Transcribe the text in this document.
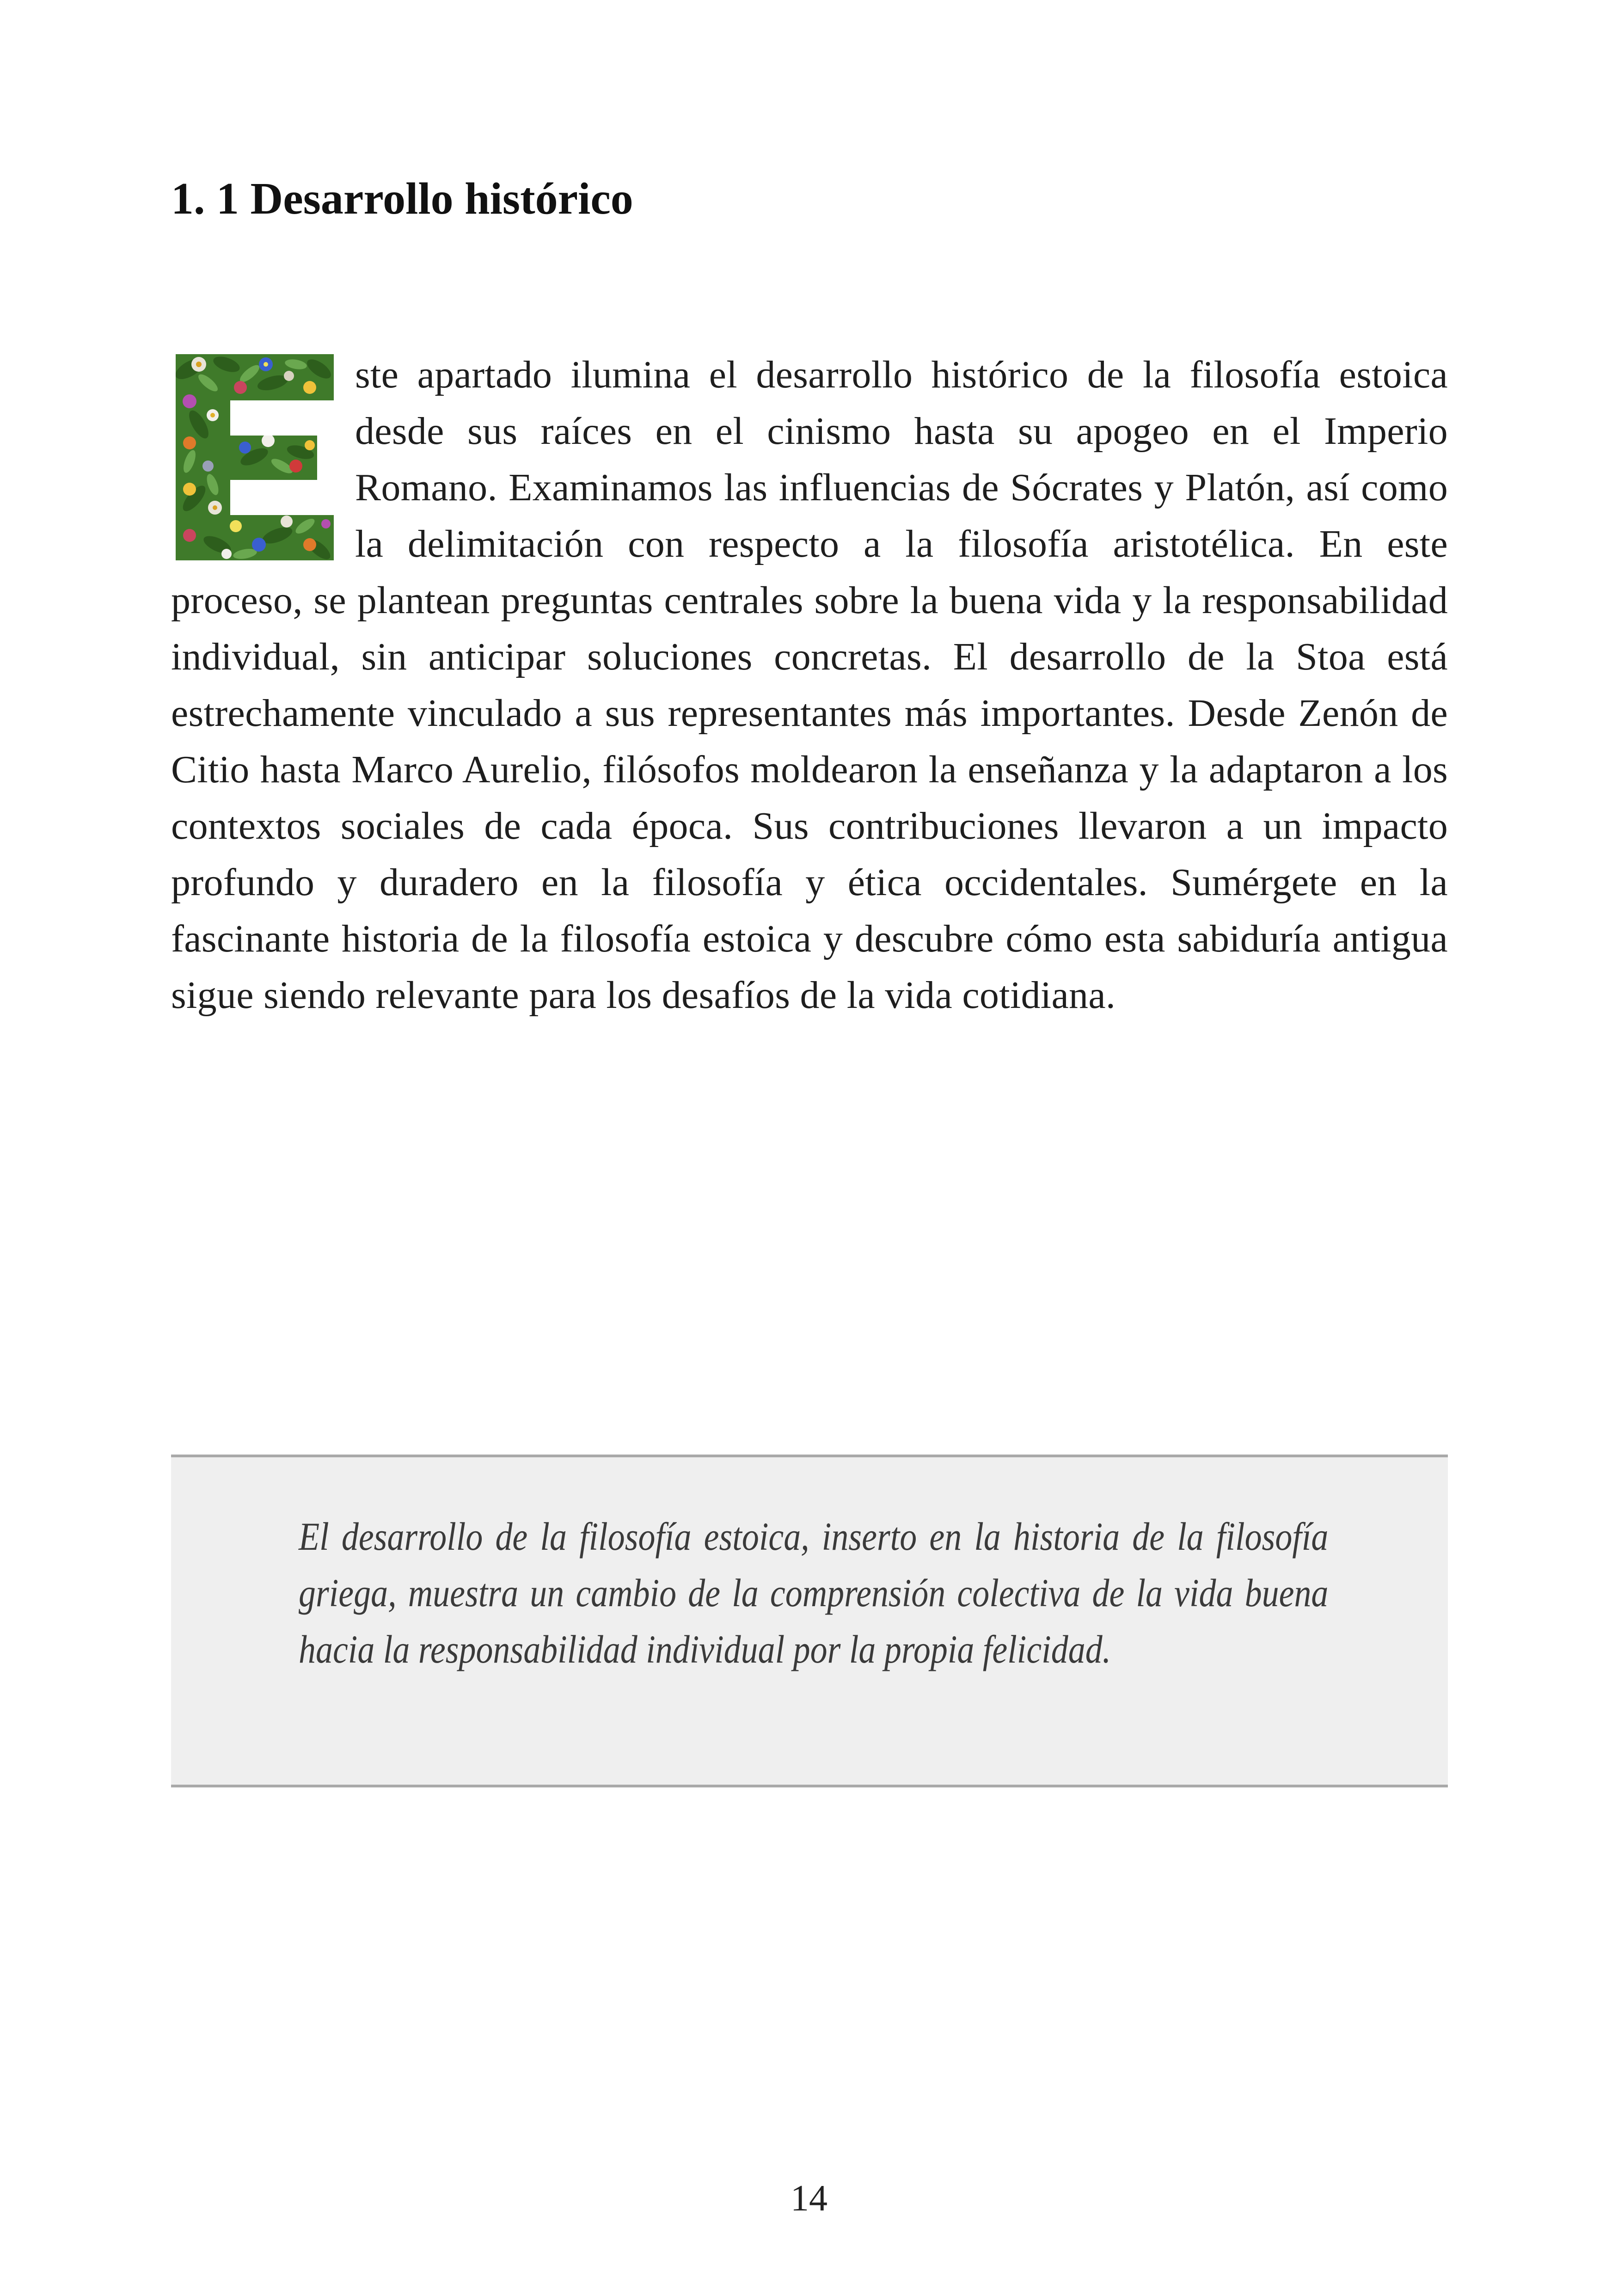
1. 1 Desarrollo histórico
ste apartado ilumina el desarrollo histórico de la filosofía estoica desde sus raíces en el cinismo hasta su apogeo en el Imperio Romano. Examinamos las influencias de Sócrates y Platón, así como la delimitación con respecto a la filosofía aristotélica. En este proceso, se plantean preguntas centrales sobre la buena vida y la responsabilidad individual, sin anticipar soluciones concretas. El desarrollo de la Stoa está estrechamente vinculado a sus representantes más importantes. Desde Zenón de Citio hasta Marco Aurelio, filósofos moldearon la enseñanza y la adaptaron a los contextos sociales de cada época. Sus contribuciones llevaron a un impacto profundo y duradero en la filosofía y ética occidentales. Sumérgete en la fascinante historia de la filosofía estoica y descubre cómo esta sabiduría antigua sigue siendo relevante para los desafíos de la vida cotidiana.

El desarrollo de la filosofía estoica, inserto en la historia de la filosofía griega, muestra un cambio de la comprensión colectiva de la vida buena hacia la responsabilidad individual por la propia felicidad.

14
